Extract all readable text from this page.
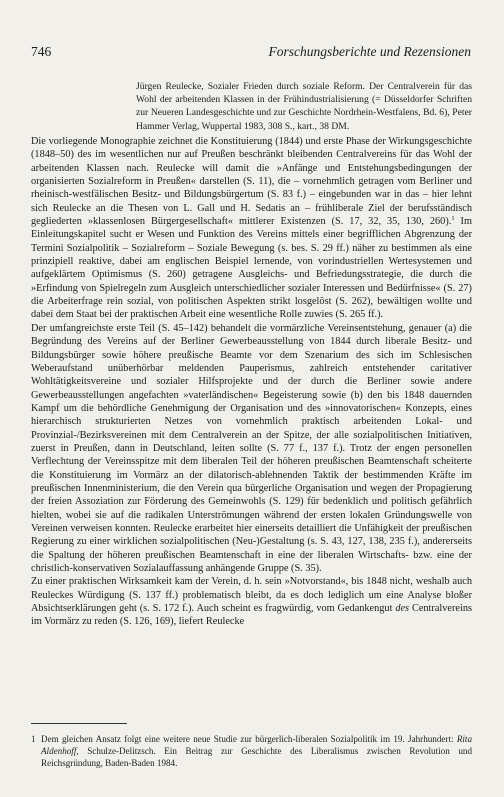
746	Forschungsberichte und Rezensionen

Jürgen Reulecke, Sozialer Frieden durch soziale Reform. Der Centralverein für das Wohl der arbeitenden Klassen in der Frühindustrialisierung (= Düsseldorfer Schriften zur Neueren Landesgeschichte und zur Geschichte Nordrhein-Westfalens, Bd. 6), Peter Hammer Verlag, Wuppertal 1983, 308 S., kart., 38 DM.

Die vorliegende Monographie zeichnet die Konstituierung (1844) und erste Phase der Wirkungsgeschichte (1848–50) des im wesentlichen nur auf Preußen beschränkt bleibenden Centralvereins für das Wohl der arbeitenden Klassen nach. Reulecke will damit die »Anfänge und Entstehungsbedingungen der organisierten Sozialreform in Preußen« darstellen (S. 11), die – vornehmlich getragen vom Berliner und rheinisch-westfälischen Besitz- und Bildungsbürgertum (S. 83 f.) – eingebunden war in das – hier lehnt sich Reulecke an die Thesen von L. Gall und H. Sedatis an – frühliberale Ziel der berufsständisch gegliederten »klassenlosen Bürgergesellschaft« mittlerer Existenzen (S. 17, 32, 35, 130, 260).$^1$ Im Einleitungskapitel sucht er Wesen und Funktion des Vereins mittels einer begrifflichen Abgrenzung der Termini Sozialpolitik – Sozialreform – Soziale Bewegung (s. bes. S. 29 ff.) näher zu bestimmen als eine prinzipiell reaktive, dabei am englischen Beispiel lernende, von vorindustriellen Wertesystemen und aufgeklärtem Optimismus (S. 260) getragene Ausgleichs- und Befriedungsstrategie, die durch die »Erfindung von Spielregeln zum Ausgleich unterschiedlicher sozialer Interessen und Bedürfnisse« (S. 27) die Arbeiterfrage rein sozial, von politischen Aspekten strikt losgelöst (S. 262), bewältigen wollte und dabei dem Staat bei der praktischen Arbeit eine wesentliche Rolle zuwies (S. 265 ff.).

Der umfangreichste erste Teil (S. 45–142) behandelt die vormärzliche Vereinsentstehung, genauer (a) die Begründung des Vereins auf der Berliner Gewerbeausstellung von 1844 durch liberale Besitz- und Bildungsbürger sowie höhere preußische Beamte vor dem Szenarium des sich im Schlesischen Weberaufstand unüberhörbar meldenden Pauperismus, zahlreich entstehender caritativer Wohltätigkeitsvereine und sozialer Hilfsprojekte und der durch die Berliner sowie andere Gewerbeausstellungen angefachten »vaterländischen« Begeisterung sowie (b) den bis 1848 dauernden Kampf um die behördliche Genehmigung der Organisation und des »innovatorischen« Konzepts, eines hierarchisch strukturierten Netzes von vornehmlich praktisch arbeitenden Lokal- und Provinzial-/Bezirksvereinen mit dem Centralverein an der Spitze, der alle sozialpolitischen Initiativen, zuerst in Preußen, dann in Deutschland, leiten sollte (S. 77 f., 137 f.). Trotz der engen personellen Verflechtung der Vereinsspitze mit dem liberalen Teil der höheren preußischen Beamtenschaft scheiterte die Konstituierung im Vormärz an der dilatorisch-ablehnenden Taktik der bestimmenden Kräfte im preußischen Innenministerium, die den Verein qua bürgerliche Organisation und wegen der Propagierung der freien Assoziation zur Förderung des Gemeinwohls (S. 129) für bedenklich und politisch gefährlich hielten, wobei sie auf die radikalen Unterströmungen während der ersten lokalen Gründungswelle von Vereinen verweisen konnten. Reulecke erarbeitet hier einerseits detailliert die Unfähigkeit der preußischen Regierung zu einer wirklichen sozialpolitischen (Neu-)Gestaltung (s. S. 43, 127, 138, 235 f.), andererseits die Spaltung der höheren preußischen Beamtenschaft in eine der liberalen Wirtschafts- bzw. eine der christlich-konservativen Sozialauffassung anhängende Gruppe (S. 35).

Zu einer praktischen Wirksamkeit kam der Verein, d. h. sein »Notvorstand«, bis 1848 nicht, weshalb auch Reuleckes Würdigung (S. 137 ff.) problematisch bleibt, da es doch lediglich um eine Analyse bloßer Absichtserklärungen geht (s. S. 172 f.). Auch scheint es fragwürdig, vom Gedankengut des Centralvereins im Vormärz zu reden (S. 126, 169), liefert Reulecke

1 Dem gleichen Ansatz folgt eine weitere neue Studie zur bürgerlich-liberalen Sozialpolitik im 19. Jahrhundert: Rita Aldenhoff, Schulze-Delitzsch. Ein Beitrag zur Geschichte des Liberalismus zwischen Revolution und Reichsgründung, Baden-Baden 1984.
